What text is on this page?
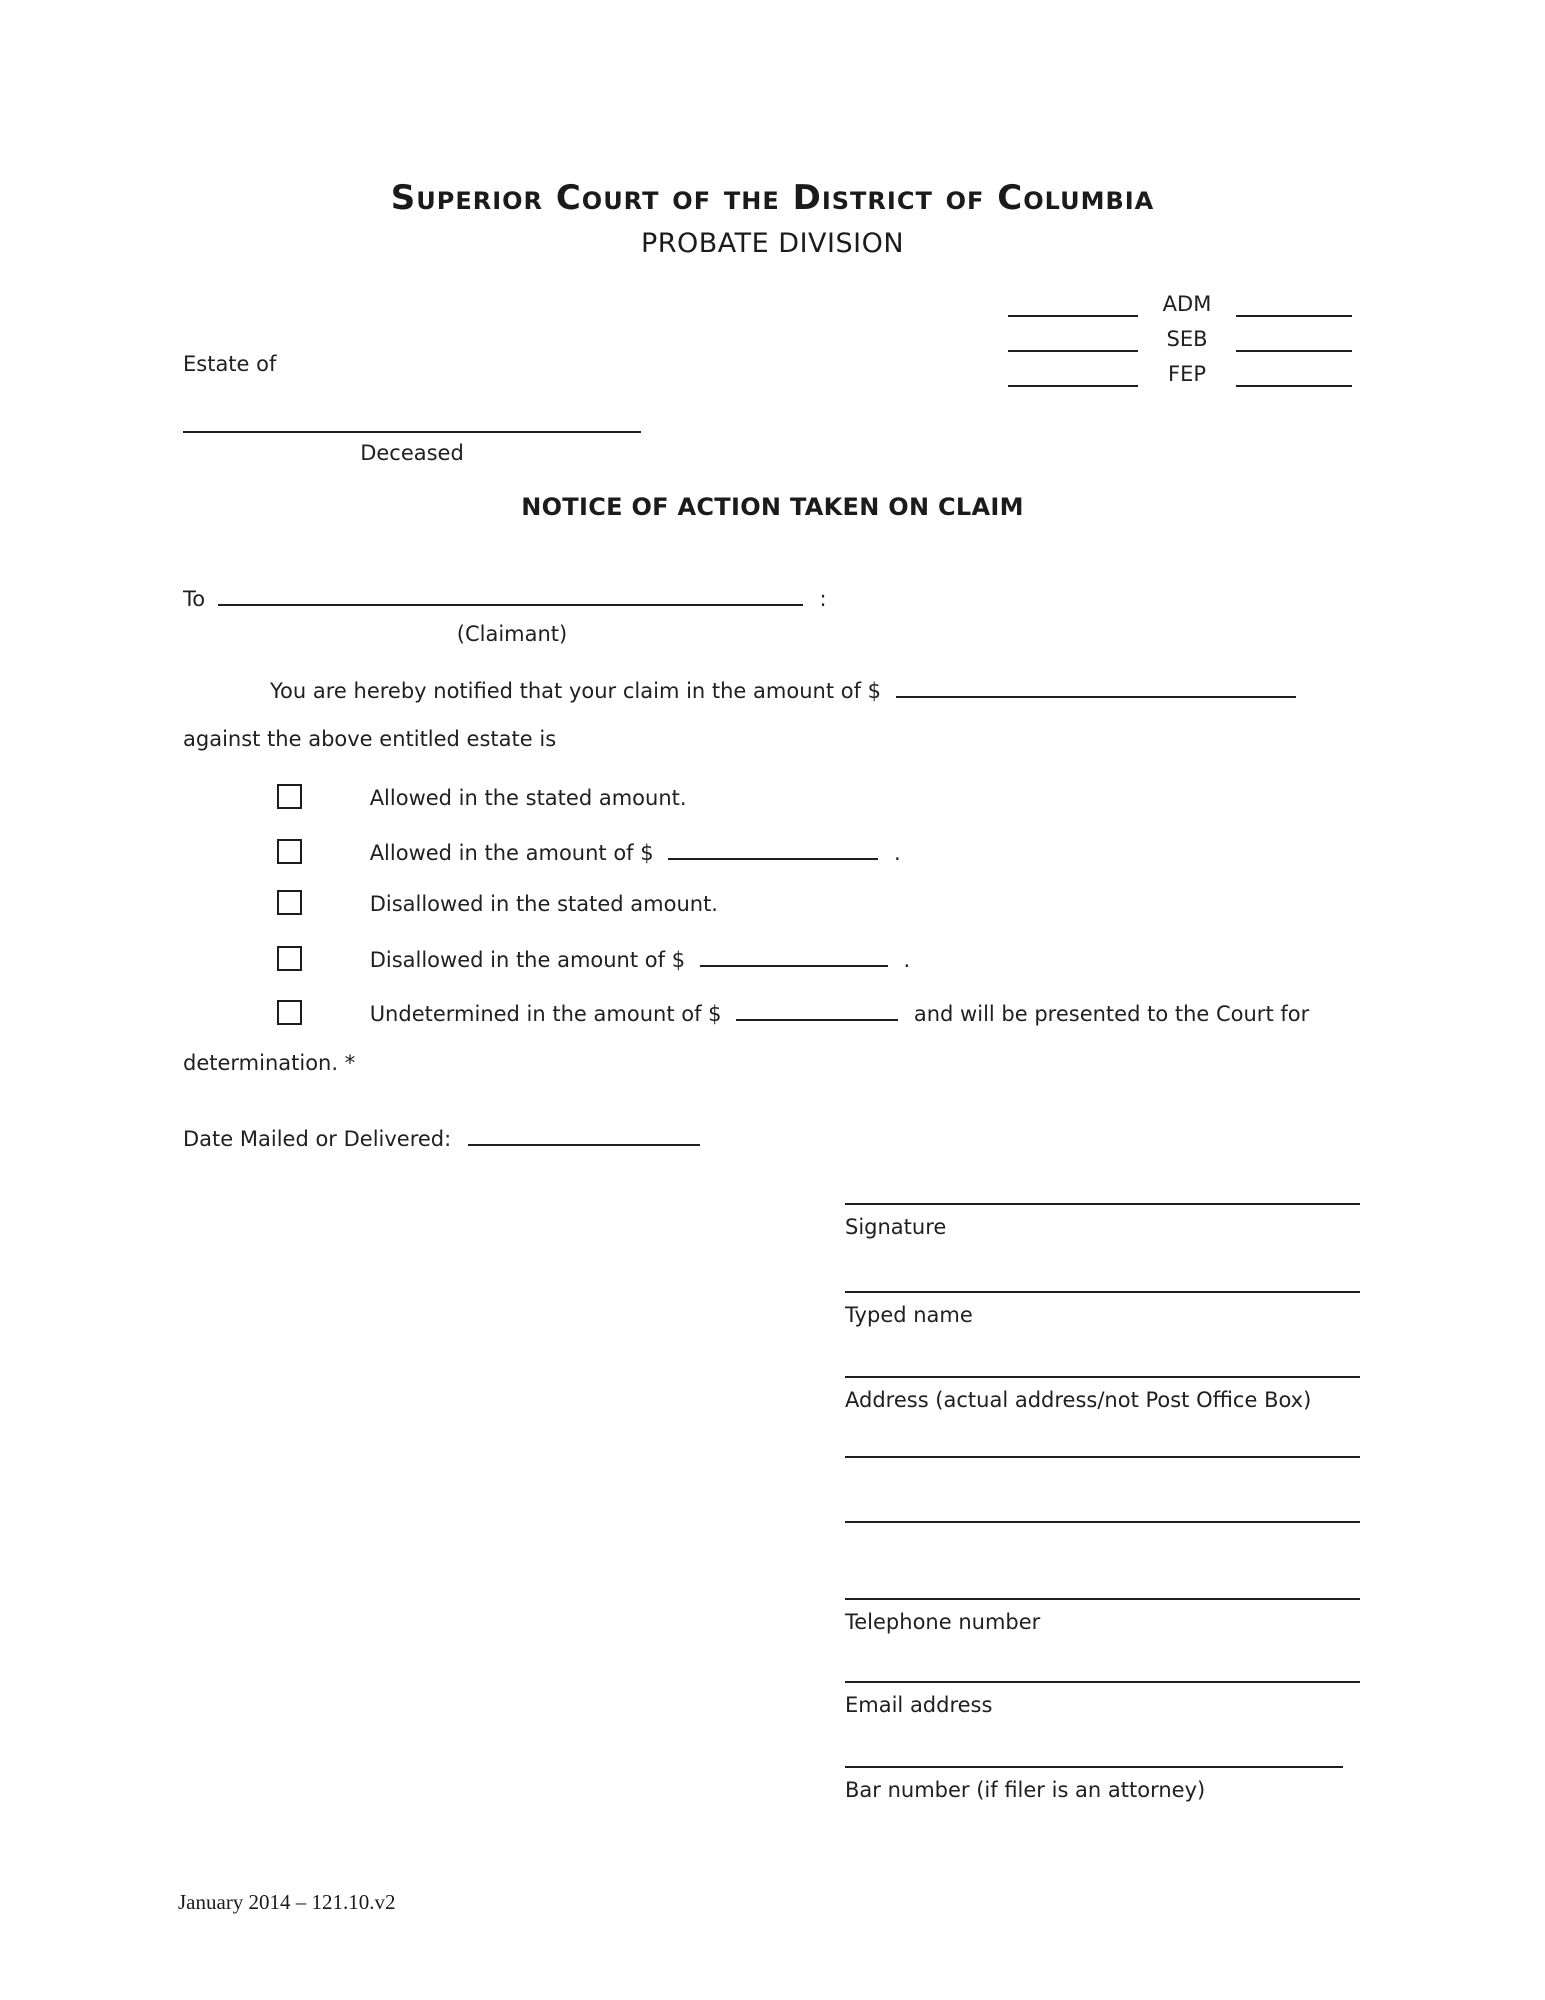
Superior Court of the District of Columbia
PROBATE DIVISION
ADM
SEB
FEP
Estate of
Deceased
NOTICE OF ACTION TAKEN ON CLAIM
To	:
(Claimant)
You are hereby notified that your claim in the amount of $
against the above entitled estate is
Allowed in the stated amount.
Allowed in the amount of $	.
Disallowed in the stated amount.
Disallowed in the amount of $	.
Undetermined in the amount of $	and will be presented to the Court for
determination. *
Date Mailed or Delivered:
Signature
Typed name
Address (actual address/not Post Office Box)
Telephone number
Email address
Bar number (if filer is an attorney)
January 2014 – 121.10.v2
